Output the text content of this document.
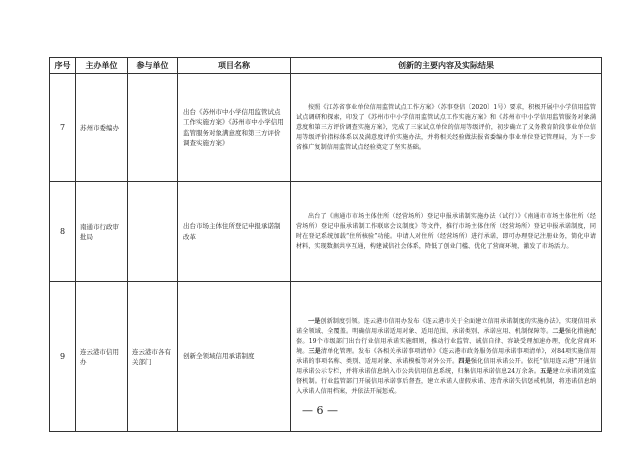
序号	主办单位	参与单位	项目名称	创新的主要内容及实际结果
7	苏州市委编办		出台《苏州市中小学信用监管试点工作实施方案》《苏州市中小学信用监管服务对象满意度和第三方评价调查实施方案》	按照《江苏省事业单位信用监管试点工作方案》（苏事登信〔2020〕1号）要求，积极开展中小学信用监管试点调研和探索，印发了《苏州市中小学信用监管试点工作实施方案》和《苏州市中小学信用监管服务对象满意度和第三方评价调查实施方案》，完成了三家试点单位的信用等级评价，初步确立了义务教育阶段事业单位信用等级评价指标体系以及满意度评价实施办法，并将相关经验做法报省委编办事业单位登记管理局，为下一步省推广复制信用监管试点经验奠定了坚实基础。

8	南通市行政审批局		出台市场主体住所登记申报承诺制改革	出台了《南通市市场主体住所（经营场所）登记申报承诺制实施办法（试行）》《南通市市场主体住所（经营场所）登记申报承诺制工作联席会议制度》等文件，推行市场主体住所（经营场所）登记申报承诺制度，同时在登记系统加载“住所核验”功能。申请人对住所（经营场所）进行承诺，即可办理登记注册业务，简化申请材料，实现数据共享互通，构建诚信社会体系，降低了创业门槛、优化了营商环境，激发了市场活力。

9	连云港市信用办	连云港市各有关部门	创新全领域信用承诺制度	一是创新制度引领。连云港市信用办发布《连云港市关于全面建立信用承诺制度的实施办法》，实现信用承诺全领域、全覆盖。明确信用承诺适用对象、适用范围、承诺类别、承诺应用、机制保障等。二是强化措施配套。19个市级部门出台行业信用承诺实施细则，推动行业监管、诚信自律、容缺受理加速办理，优化营商环境。三是清单化管理。发布《各相关承诺事项清单》《连云港市政务服务信用承诺事项清单》，对84项实施信用承诺的事项名称、类别、适用对象、承诺模板等对外公开。四是强化信用承诺公开。依托“信用连云港”开通信用承诺公示专栏，并将承诺信息纳入市公共信用信息系统，归集信用承诺信息24万余条。五是建立承诺闭效监督机制。行业监管部门开展信用承诺事后督查，建立承诺人虚假承诺、违背承诺失信惩戒机制，将违诺信息纳入承诺人信用档案，并依法开展惩戒。
— 6 —
